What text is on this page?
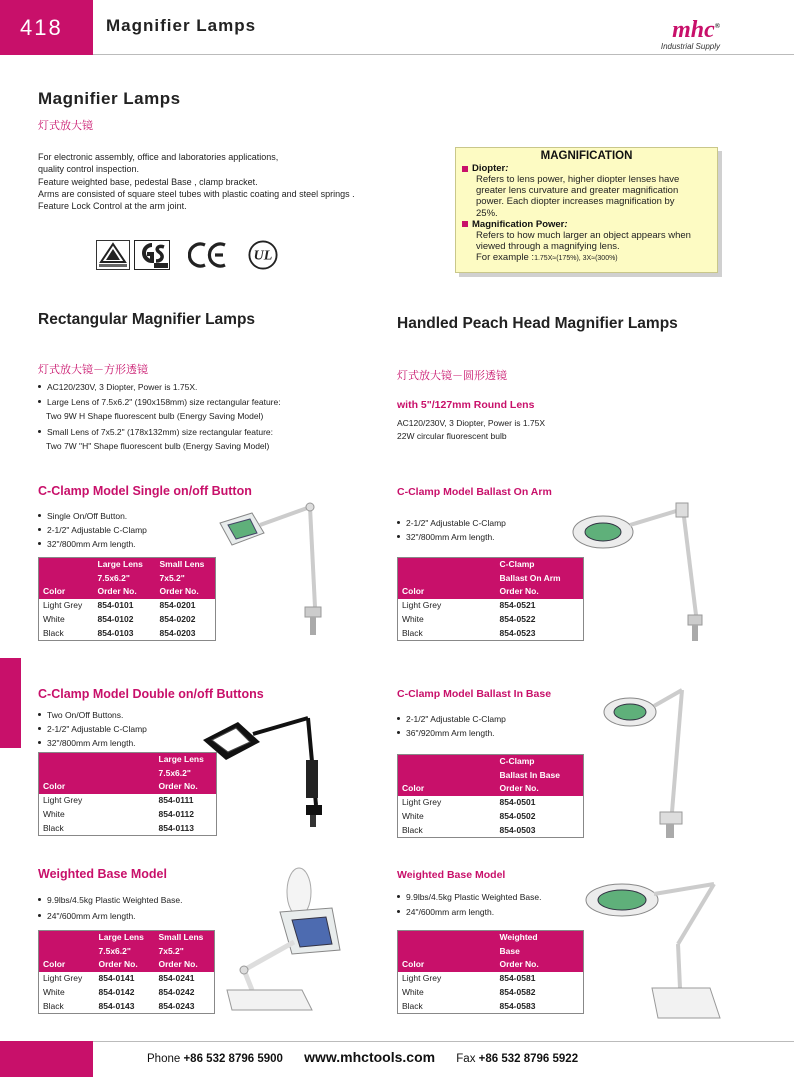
418	Magnifier Lamps	mhc®
Industrial Supply
Magnifier Lamps
灯式放大镜
For electronic assembly, office and laboratories applications,
quality control inspection.
Feature weighted base, pedestal Base , clamp bracket.
Arms are consisted of square steel tubes with plastic coating and steel springs .
Feature Lock Control at the arm joint.
UL
MAGNIFICATION
Diopter :
Refers to lens power, higher diopter lenses have
greater lens curvature and greater magnification
power. Each diopter increases magnification by
25%.
Magnification Power :
Refers to how much larger an object appears when
viewed through a magnifying lens.
For example :1.75X≈(175%), 3X≈(300%)
Rectangular Magnifier Lamps
灯式放大镜－方形透镜
AC120/230V, 3 Diopter, Power is 1.75X.
Large Lens of 7.5x6.2" (190x158mm) size rectangular feature:
Two 9W H Shape fluorescent bulb (Energy Saving Model)
Small Lens of 7x5.2" (178x132mm) size rectangular feature:
Two 7W "H" Shape fluorescent bulb (Energy Saving Model)
Handled Peach Head Magnifier Lamps
灯式放大镜－圆形透镜
with 5"/127mm Round Lens
AC120/230V, 3 Diopter, Power is 1.75X
22W circular fluorescent bulb
C-Clamp Model Single on/off Button
Single On/Off Button.
2-1/2" Adjustable C-Clamp
32"/800mm Arm length.
	Large Lens	Small Lens
	7.5x6.2"	7x5.2"
Color	Order No.	Order No.
Light Grey	854-0101	854-0201
White	854-0102	854-0202
Black	854-0103	854-0203
C-Clamp Model Double on/off Buttons
Two On/Off Buttons.
2-1/2" Adjustable C-Clamp
32"/800mm Arm length.
	Large Lens
	7.5x6.2"
Color	Order No.
Light Grey	854-0111
White	854-0112
Black	854-0113
Weighted Base Model
9.9lbs/4.5kg Plastic Weighted Base.
24"/600mm Arm length.
	Large Lens	Small Lens
	7.5x6.2"	7x5.2"
Color	Order No.	Order No.
Light Grey	854-0141	854-0241
White	854-0142	854-0242
Black	854-0143	854-0243
C-Clamp Model Ballast On Arm
2-1/2" Adjustable C-Clamp
32"/800mm Arm length.
	C-Clamp
	Ballast On Arm
Color	Order No.
Light Grey	854-0521
White	854-0522
Black	854-0523
C-Clamp Model Ballast In Base
2-1/2" Adjustable C-Clamp
36"/920mm Arm length.
	C-Clamp
	Ballast In Base
Color	Order No.
Light Grey	854-0501
White	854-0502
Black	854-0503
Weighted Base Model
9.9lbs/4.5kg Plastic Weighted Base.
24"/600mm arm length.
	Weighted
	Base
Color	Order No.
Light Grey	854-0581
White	854-0582
Black	854-0583
Phone +86 532 8796 5900 www.mhctools.com Fax +86 532 8796 5922
